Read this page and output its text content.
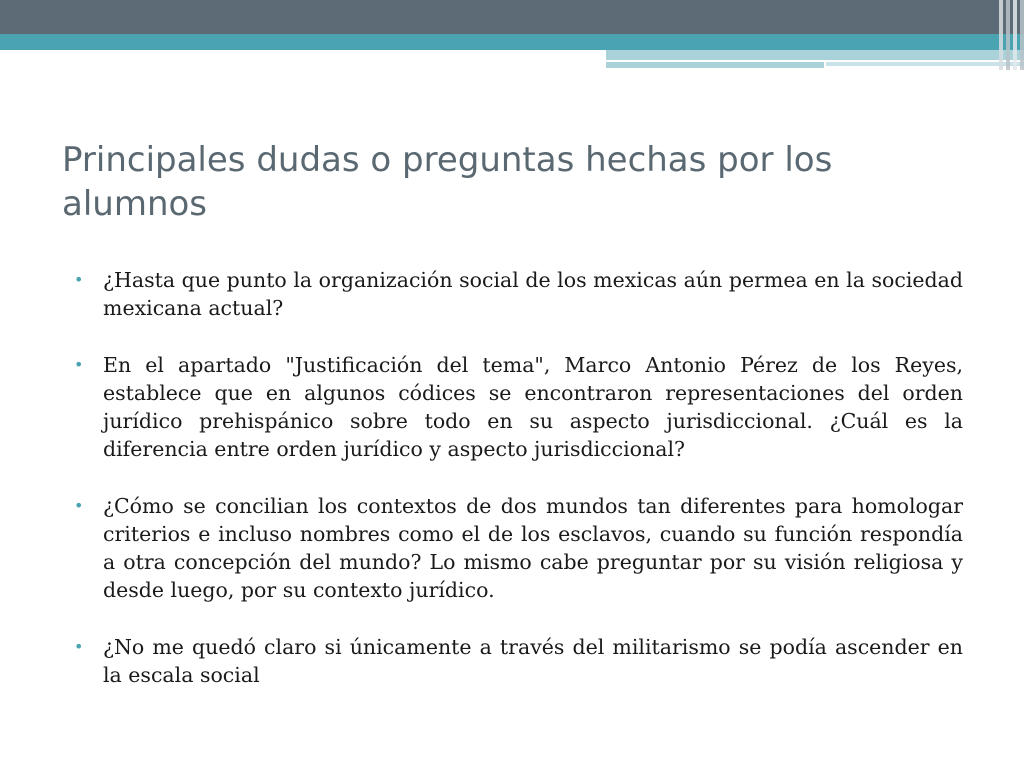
Principales dudas o preguntas hechas por los alumnos
• ¿Hasta que punto la organización social de los mexicas aún permea en la sociedad mexicana actual?
• En el apartado "Justificación del tema", Marco Antonio Pérez de los Reyes, establece que en algunos códices se encontraron representaciones del orden jurídico prehispánico sobre todo en su aspecto jurisdiccional. ¿Cuál es la diferencia entre orden jurídico y aspecto jurisdiccional?
• ¿Cómo se concilian los contextos de dos mundos tan diferentes para homologar criterios e incluso nombres como el de los esclavos, cuando su función respondía a otra concepción del mundo? Lo mismo cabe preguntar por su visión religiosa y desde luego, por su contexto jurídico.
• ¿No me quedó claro si únicamente a través del militarismo se podía ascender en la escala social
